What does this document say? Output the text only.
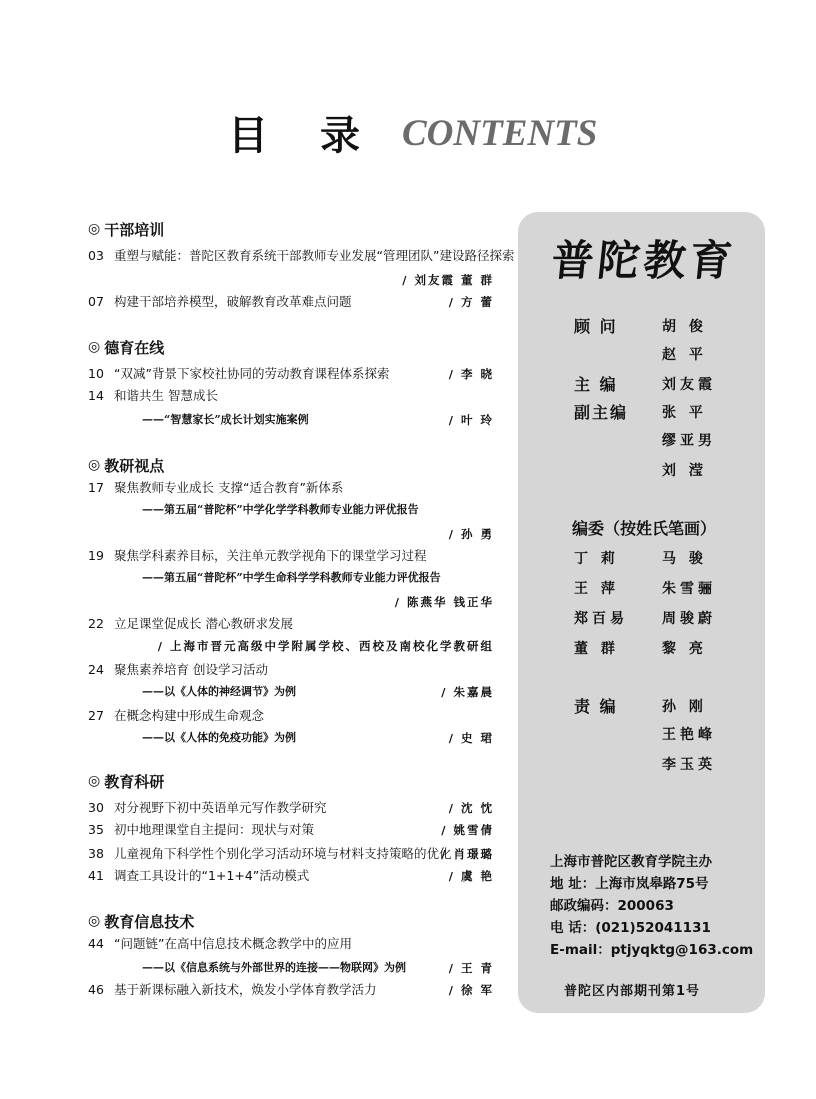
目录
CONTENTS
◎ 干部培训
03 重塑与赋能：普陀区教育系统干部教师专业发展“管理团队”建设路径探索
/ 刘友霞 董 群
07 构建干部培养模型，破解教育改革难点问题	/ 方 蕾
◎ 德育在线
10 “双减”背景下家校社协同的劳动教育课程体系探索	/ 李 晓
14 和谐共生 智慧成长
——“智慧家长”成长计划实施案例	/ 叶 玲
◎ 教研视点
17 聚焦教师专业成长 支撑“适合教育”新体系
——第五届“普陀杯”中学化学学科教师专业能力评优报告
/ 孙 勇
19 聚焦学科素养目标，关注单元教学视角下的课堂学习过程
——第五届“普陀杯”中学生命科学学科教师专业能力评优报告
/ 陈燕华 钱正华
22 立足课堂促成长 潜心教研求发展
/ 上海市晋元高级中学附属学校、西校及南校化学教研组
24 聚焦素养培育 创设学习活动
——以《人体的神经调节》为例	/ 朱嘉晨
27 在概念构建中形成生命观念
——以《人体的免疫功能》为例	/ 史 珺
◎ 教育科研
30 对分视野下初中英语单元写作教学研究	/ 沈 忱
35 初中地理课堂自主提问：现状与对策	/ 姚雪倩
38 儿童视角下科学性个别化学习活动环境与材料支持策略的优化
/ 肖璟璐
41 调查工具设计的“1+1+4”活动模式	/ 虞 艳
◎ 教育信息技术
44 “问题链”在高中信息技术概念教学中的应用
——以《信息系统与外部世界的连接——物联网》为例	/ 王 青
46 基于新课标融入新技术，焕发小学体育教学活力	/ 徐 军
普陀教育
顾 问	胡 俊
赵 平
主 编	刘友霞
副主编 张 平
缪亚男
刘 滢
编委（按姓氏笔画）
丁 莉	马 骏
王 萍	朱雪骊
郑百易 周骏蔚
董 群	黎 亮
责 编	孙 刚
王艳峰
李玉英
上海市普陀区教育学院主办
地 址：上海市岚皋路75号
邮政编码：200063
电 话：(021)52041131
E-mail：ptjyqktg@163.com
普陀区内部期刊第1号
